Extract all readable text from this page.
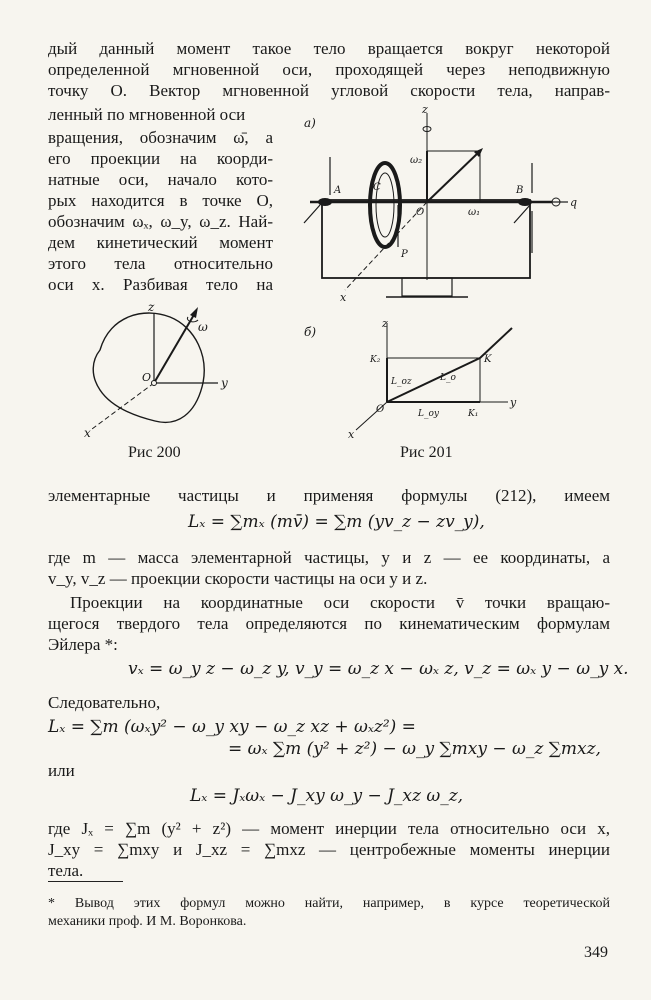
дый данный момент такое тело вращается вокруг некоторой
определенной мгновенной оси, проходящей через неподвижную
точку O. Вектор мгновенной угловой скорости тела, направ-
ленный по мгновенной оси
вращения, обозначим ω̄, а
его проекции на коорди-
натные оси, начало кото-
рых находится в точке O,
обозначим ωₓ, ω_y, ω_z. Най-
дем кинетический момент
этого тела относительно
оси x. Разбивая тело на
z
y
x
O
ω
Рис 200
а)
z
x
q
O
ω₂
ω₁
C
A	B
P
б)
z
y
x
O
K
K₂
K₁
L_oz	L_o
L_oy
Рис 201
элементарные частицы и применяя формулы (212), имеем
Lₓ = ∑mₓ (mv̄) = ∑m (yv_z − zv_y),
где m — масса элементарной частицы, y и z — ее координаты, а
v_y, v_z — проекции скорости частицы на оси y и z.
Проекции на координатные оси скорости v̄ точки вращаю-
щегося твердого тела определяются по кинематическим формулам
Эйлера *:
vₓ = ω_y z − ω_z y, v_y = ω_z x − ωₓ z, v_z = ωₓ y − ω_y x.
Следовательно,
Lₓ = ∑m (ωₓy² − ω_y xy − ω_z xz + ωₓz²) =
= ωₓ ∑m (y² + z²) − ω_y ∑mxy − ω_z ∑mxz,
или
Lₓ = Jₓωₓ − J_xy ω_y − J_xz ω_z,
где Jₓ = ∑m (y² + z²) — момент инерции тела относительно оси x,
J_xy = ∑mxy и J_xz = ∑mxz — центробежные моменты инерции
тела.
* Вывод этих формул можно найти, например, в курсе теоретической
механики проф. И М. Воронкова.
349
